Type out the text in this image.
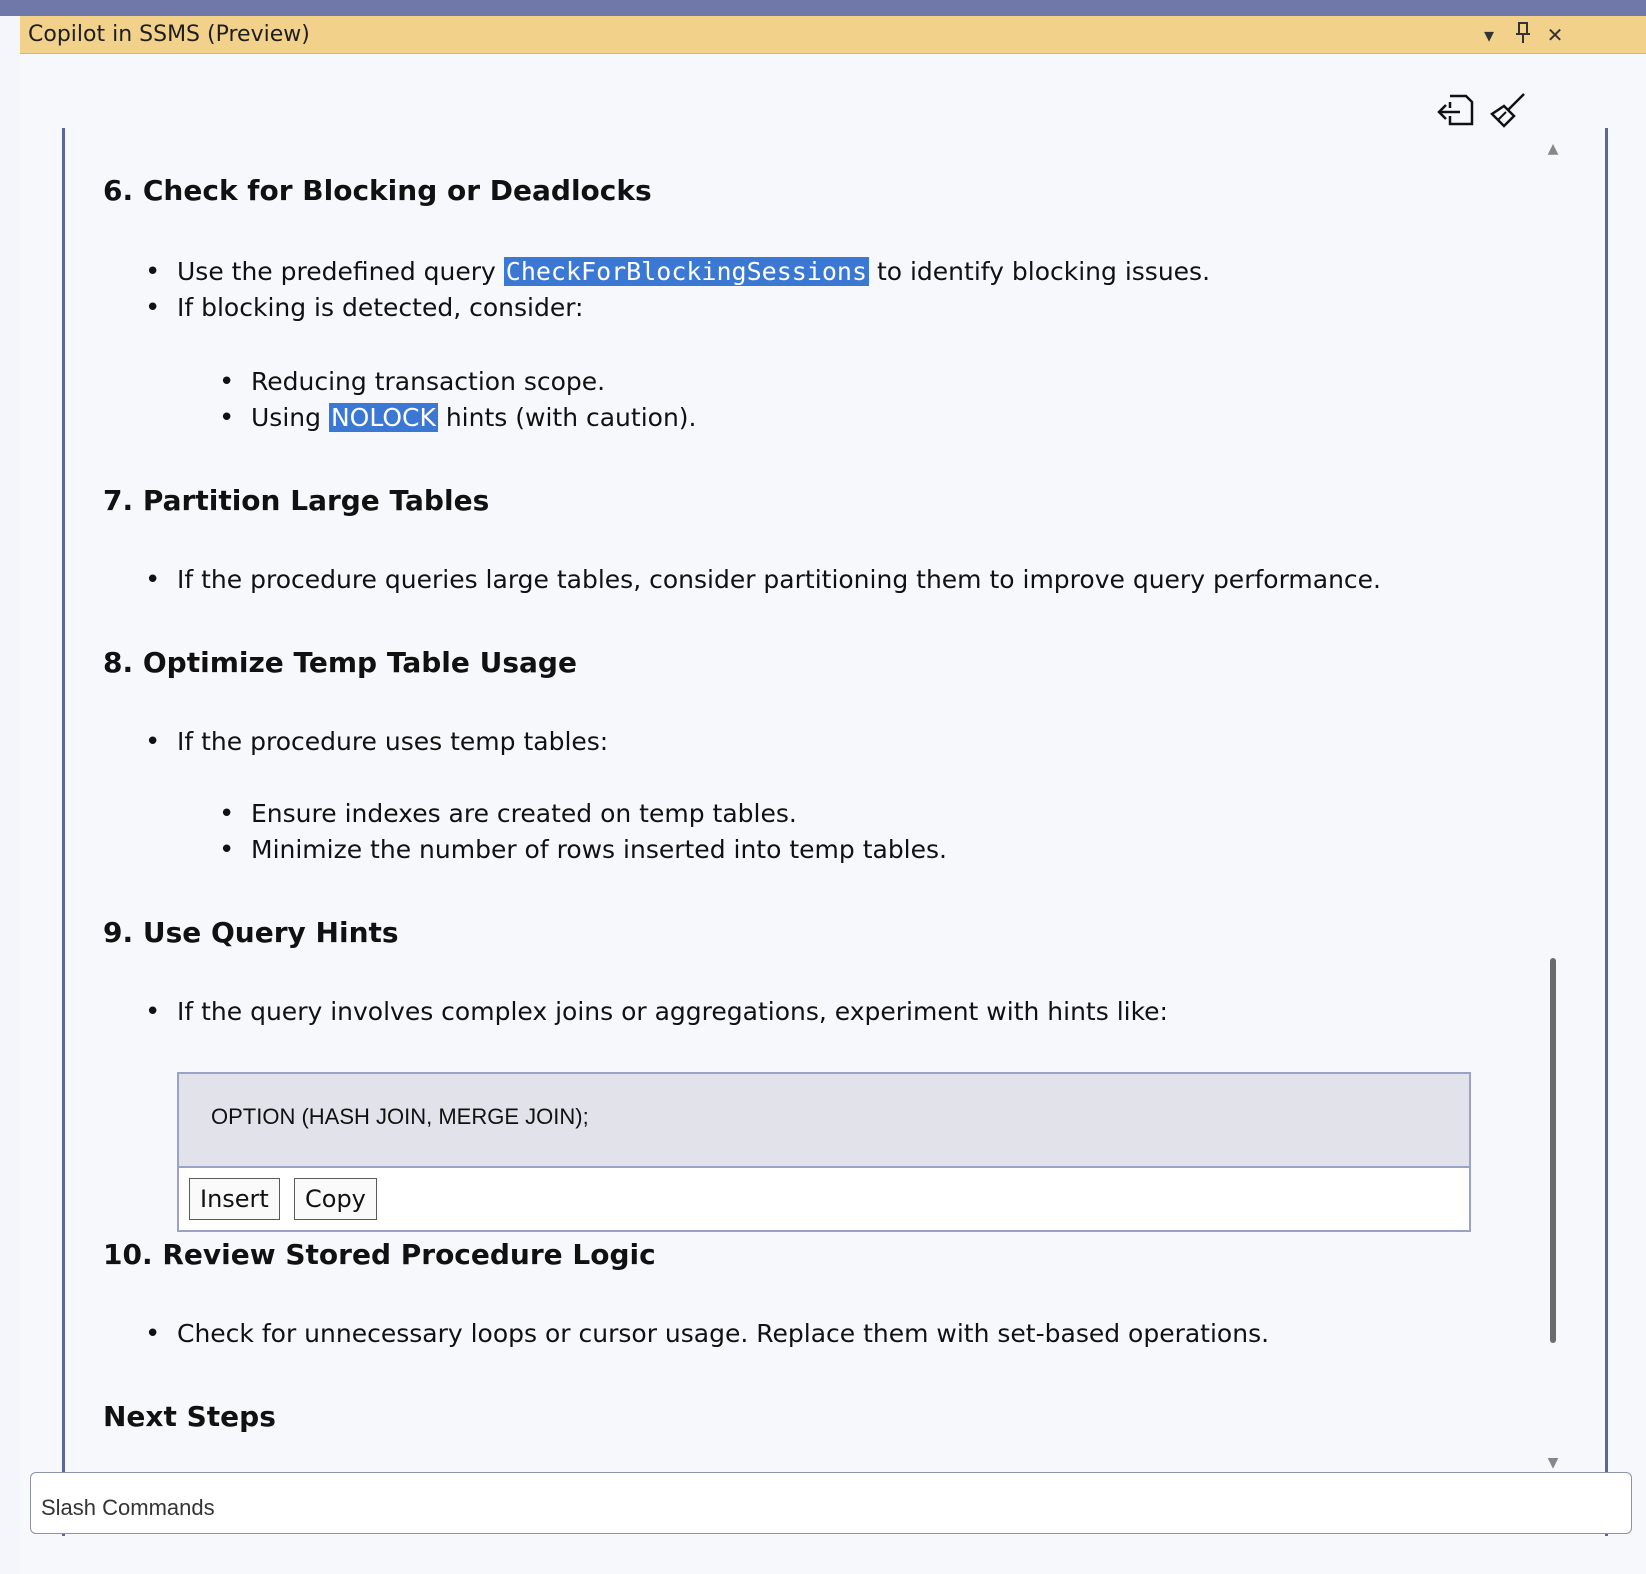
Copilot in SSMS (Preview)	▾	✕
6. Check for Blocking or Deadlocks
• Use the predefined query CheckForBlockingSessions to identify blocking issues.
• If blocking is detected, consider:
• Reducing transaction scope.
• Using NOLOCK hints (with caution).
7. Partition Large Tables
• If the procedure queries large tables, consider partitioning them to improve query performance.
8. Optimize Temp Table Usage
• If the procedure uses temp tables:
• Ensure indexes are created on temp tables.
• Minimize the number of rows inserted into temp tables.
9. Use Query Hints
• If the query involves complex joins or aggregations, experiment with hints like:
OPTION (HASH JOIN, MERGE JOIN);
Insert	Copy
10. Review Stored Procedure Logic
• Check for unnecessary loops or cursor usage. Replace them with set-based operations.
Next Steps
▲
▼
Slash Commands
